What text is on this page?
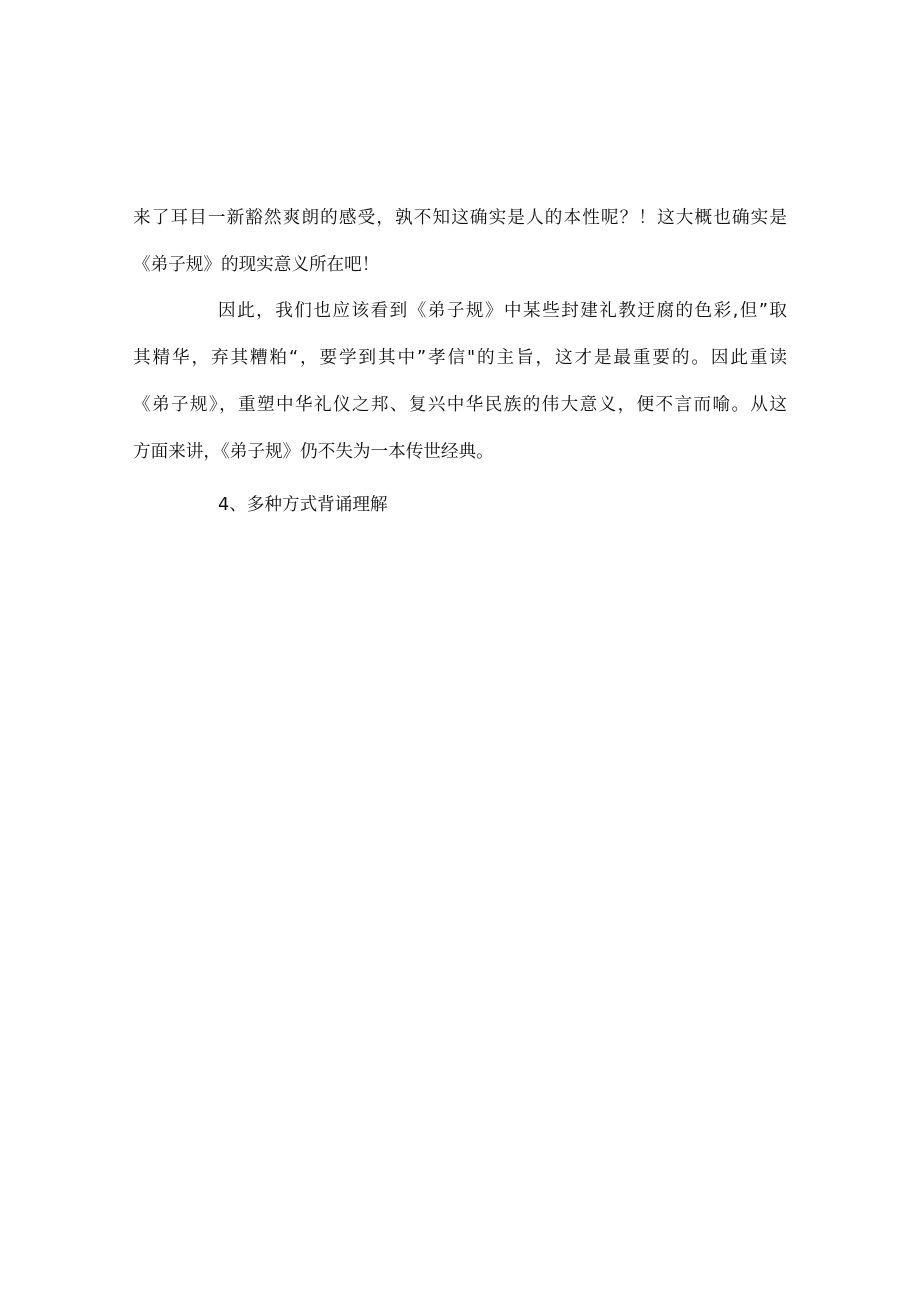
来了耳目一新豁然爽朗的感受，孰不知这确实是人的本性呢？！这大概也确实是
《弟子规》的现实意义所在吧！
因此，我们也应该看到《弟子规》中某些封建礼教迂腐的色彩,但”取
其精华，弃其糟粕“，要学到其中”孝信"的主旨，这才是最重要的。因此重读
《弟子规》，重塑中华礼仪之邦、复兴中华民族的伟大意义，便不言而喻。从这
方面来讲，《弟子规》仍不失为一本传世经典。
4、多种方式背诵理解
